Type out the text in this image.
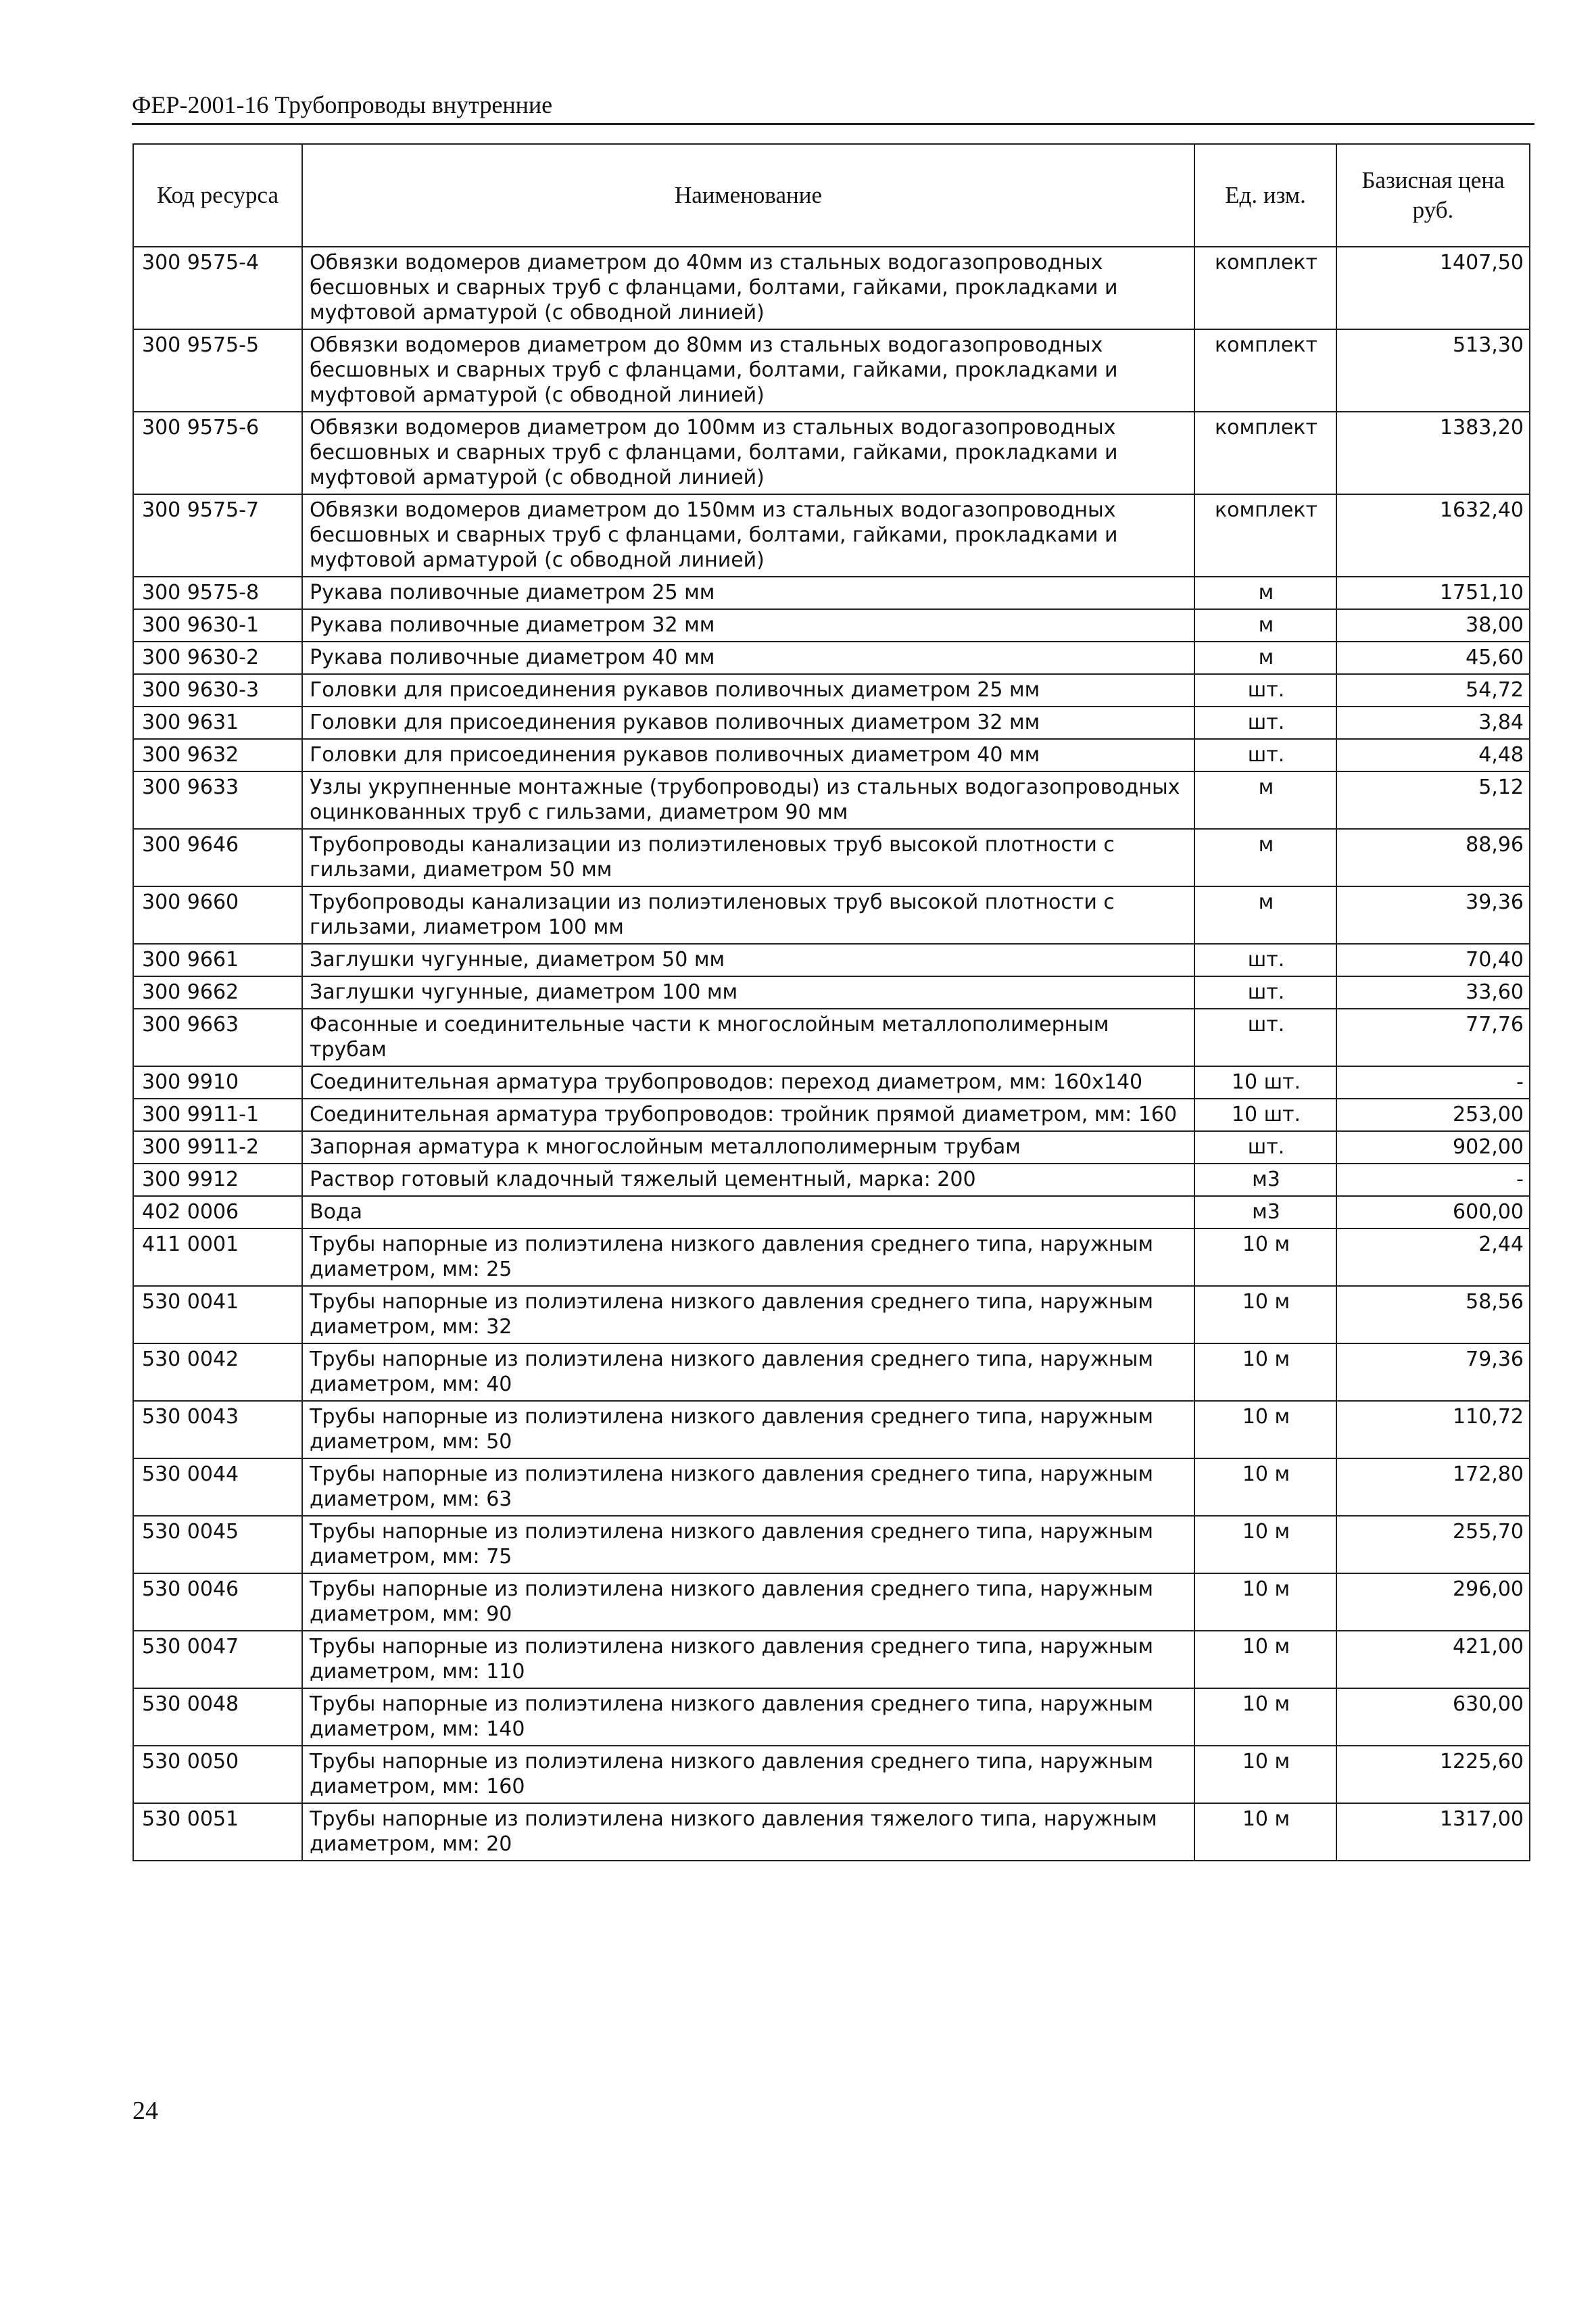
ФЕР-2001-16 Трубопроводы внутренние
Код ресурса	Наименование	Ед. изм.	Базисная цена руб.
300 9575-4	Обвязки водомеров диаметром до 40мм из стальных водогазопроводных бесшовных и сварных труб с фланцами, болтами, гайками, прокладками и муфтовой арматурой (с обводной линией)	комплект	1407,50
300 9575-5	Обвязки водомеров диаметром до 80мм из стальных водогазопроводных бесшовных и сварных труб с фланцами, болтами, гайками, прокладками и муфтовой арматурой (с обводной линией)	комплект	513,30
300 9575-6	Обвязки водомеров диаметром до 100мм из стальных водогазопроводных бесшовных и сварных труб с фланцами, болтами, гайками, прокладками и муфтовой арматурой (с обводной линией)	комплект	1383,20
300 9575-7	Обвязки водомеров диаметром до 150мм из стальных водогазопроводных бесшовных и сварных труб с фланцами, болтами, гайками, прокладками и муфтовой арматурой (с обводной линией)	комплект	1632,40
300 9575-8	Рукава поливочные диаметром 25 мм	м	1751,10
300 9630-1	Рукава поливочные диаметром 32 мм	м	38,00
300 9630-2	Рукава поливочные диаметром 40 мм	м	45,60
300 9630-3	Головки для присоединения рукавов поливочных диаметром 25 мм	шт.	54,72
300 9631	Головки для присоединения рукавов поливочных диаметром 32 мм	шт.	3,84
300 9632	Головки для присоединения рукавов поливочных диаметром 40 мм	шт.	4,48
300 9633	Узлы укрупненные монтажные (трубопроводы) из стальных водогазопроводных оцинкованных труб с гильзами, диаметром 90 мм	м	5,12
300 9646	Трубопроводы канализации из полиэтиленовых труб высокой плотности с гильзами, диаметром 50 мм	м	88,96
300 9660	Трубопроводы канализации из полиэтиленовых труб высокой плотности с гильзами, лиаметром 100 мм	м	39,36
300 9661	Заглушки чугунные, диаметром 50 мм	шт.	70,40
300 9662	Заглушки чугунные, диаметром 100 мм	шт.	33,60
300 9663	Фасонные и соединительные части к многослойным металлополимерным трубам	шт.	77,76
300 9910	Соединительная арматура трубопроводов: переход диаметром, мм: 160x140	10 шт.	-
300 9911-1	Соединительная арматура трубопроводов: тройник прямой диаметром, мм: 160	10 шт.	253,00
300 9911-2	Запорная арматура к многослойным металлополимерным трубам	шт.	902,00
300 9912	Раствор готовый кладочный тяжелый цементный, марка: 200	м3	-
402 0006	Вода	м3	600,00
411 0001	Трубы напорные из полиэтилена низкого давления среднего типа, наружным диаметром, мм: 25	10 м	2,44
530 0041	Трубы напорные из полиэтилена низкого давления среднего типа, наружным диаметром, мм: 32	10 м	58,56
530 0042	Трубы напорные из полиэтилена низкого давления среднего типа, наружным диаметром, мм: 40	10 м	79,36
530 0043	Трубы напорные из полиэтилена низкого давления среднего типа, наружным диаметром, мм: 50	10 м	110,72
530 0044	Трубы напорные из полиэтилена низкого давления среднего типа, наружным диаметром, мм: 63	10 м	172,80
530 0045	Трубы напорные из полиэтилена низкого давления среднего типа, наружным диаметром, мм: 75	10 м	255,70
530 0046	Трубы напорные из полиэтилена низкого давления среднего типа, наружным диаметром, мм: 90	10 м	296,00
530 0047	Трубы напорные из полиэтилена низкого давления среднего типа, наружным диаметром, мм: 110	10 м	421,00
530 0048	Трубы напорные из полиэтилена низкого давления среднего типа, наружным диаметром, мм: 140	10 м	630,00
530 0050	Трубы напорные из полиэтилена низкого давления среднего типа, наружным диаметром, мм: 160	10 м	1225,60
530 0051	Трубы напорные из полиэтилена низкого давления тяжелого типа, наружным диаметром, мм: 20	10 м	1317,00
24
